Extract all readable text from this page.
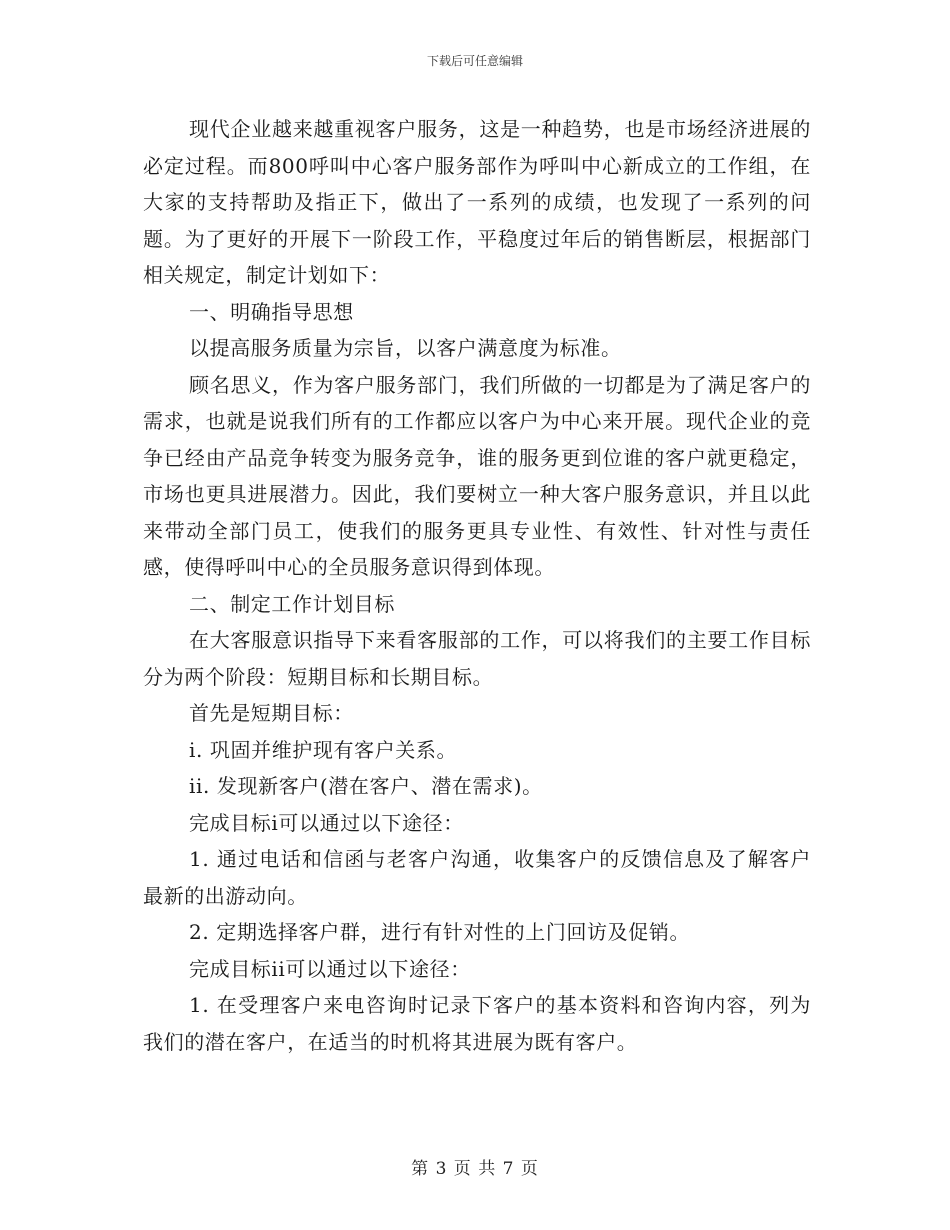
下载后可任意编辑

现代企业越来越重视客户服务，这是一种趋势，也是市场经济进展的必定过程。而800呼叫中心客户服务部作为呼叫中心新成立的工作组，在大家的支持帮助及指正下，做出了一系列的成绩，也发现了一系列的问题。为了更好的开展下一阶段工作，平稳度过年后的销售断层，根据部门相关规定，制定计划如下：

一、明确指导思想

以提高服务质量为宗旨，以客户满意度为标准。

顾名思义，作为客户服务部门，我们所做的一切都是为了满足客户的需求，也就是说我们所有的工作都应以客户为中心来开展。现代企业的竞争已经由产品竞争转变为服务竞争，谁的服务更到位谁的客户就更稳定，市场也更具进展潜力。因此，我们要树立一种大客户服务意识，并且以此来带动全部门员工，使我们的服务更具专业性、有效性、针对性与责任感，使得呼叫中心的全员服务意识得到体现。

二、制定工作计划目标

在大客服意识指导下来看客服部的工作，可以将我们的主要工作目标分为两个阶段：短期目标和长期目标。

首先是短期目标：

i. 巩固并维护现有客户关系。

ii. 发现新客户(潜在客户、潜在需求)。

完成目标i可以通过以下途径：

1. 通过电话和信函与老客户沟通，收集客户的反馈信息及了解客户最新的出游动向。

2. 定期选择客户群，进行有针对性的上门回访及促销。

完成目标ii可以通过以下途径：

1. 在受理客户来电咨询时记录下客户的基本资料和咨询内容，列为我们的潜在客户，在适当的时机将其进展为既有客户。

第 3 页 共 7 页
